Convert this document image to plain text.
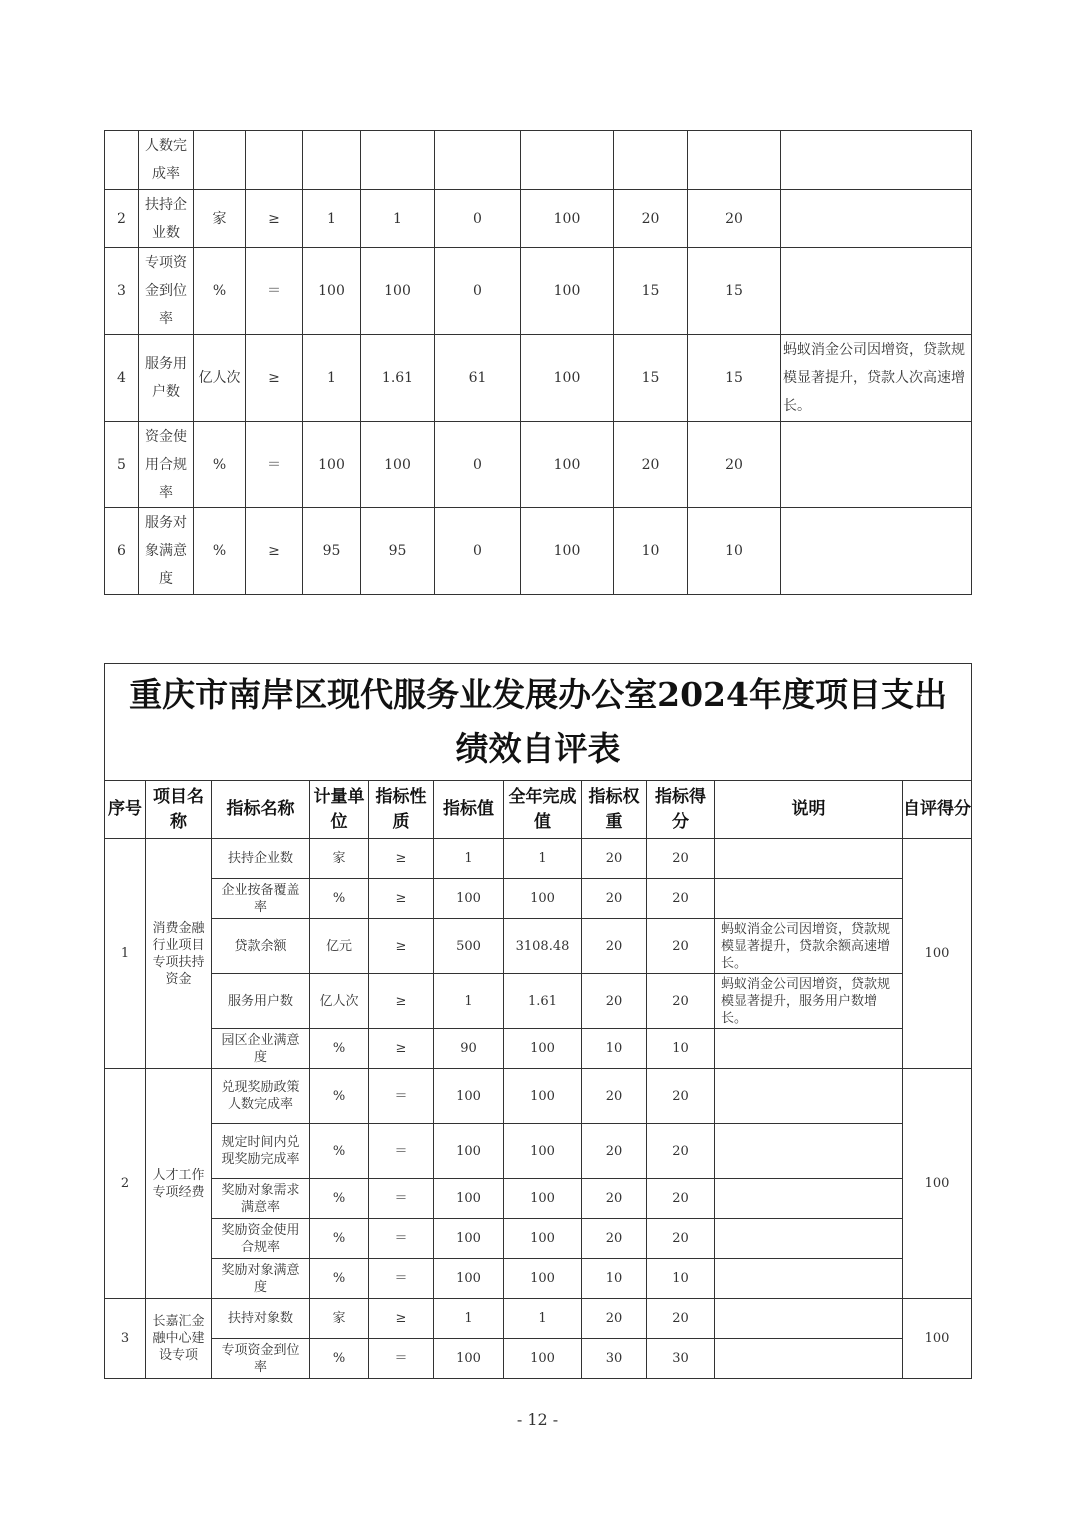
	人数完成率									
2	扶持企业数	家	≥	1	1	0	100	20	20	
3	专项资金到位率	%	＝	100	100	0	100	15	15	
4	服务用户数	亿人次	≥	1	1.61	61	100	15	15	蚂蚁消金公司因增资，贷款规模显著提升，贷款人次高速增长。
5	资金使用合规率	%	＝	100	100	0	100	20	20	
6	服务对象满意度	%	≥	95	95	0	100	10	10	
重庆市南岸区现代服务业发展办公室2024年度项目支出绩效自评表										
序号	项目名称	指标名称	计量单位	指标性质	指标值	全年完成值	指标权重	指标得分	说明	自评得分
1	消费金融行业项目专项扶持资金	扶持企业数	家	≥	1	1	20	20		100
		企业按备覆盖率	%	≥	100	100	20	20		
		贷款余额	亿元	≥	500	3108.48	20	20	蚂蚁消金公司因增资，贷款规模显著提升，贷款余额高速增长。	
		服务用户数	亿人次	≥	1	1.61	20	20	蚂蚁消金公司因增资，贷款规模显著提升，服务用户数增长。	
		园区企业满意度	%	≥	90	100	10	10		
2	人才工作专项经费	兑现奖励政策人数完成率	%	＝	100	100	20	20		100
		规定时间内兑现奖励完成率	%	＝	100	100	20	20		
		奖励对象需求满意率	%	＝	100	100	20	20		
		奖励资金使用合规率	%	＝	100	100	20	20		
		奖励对象满意度	%	＝	100	100	10	10		
3	长嘉汇金融中心建设专项	扶持对象数	家	≥	1	1	20	20		100
		专项资金到位率	%	＝	100	100	30	30		
- 12 -
